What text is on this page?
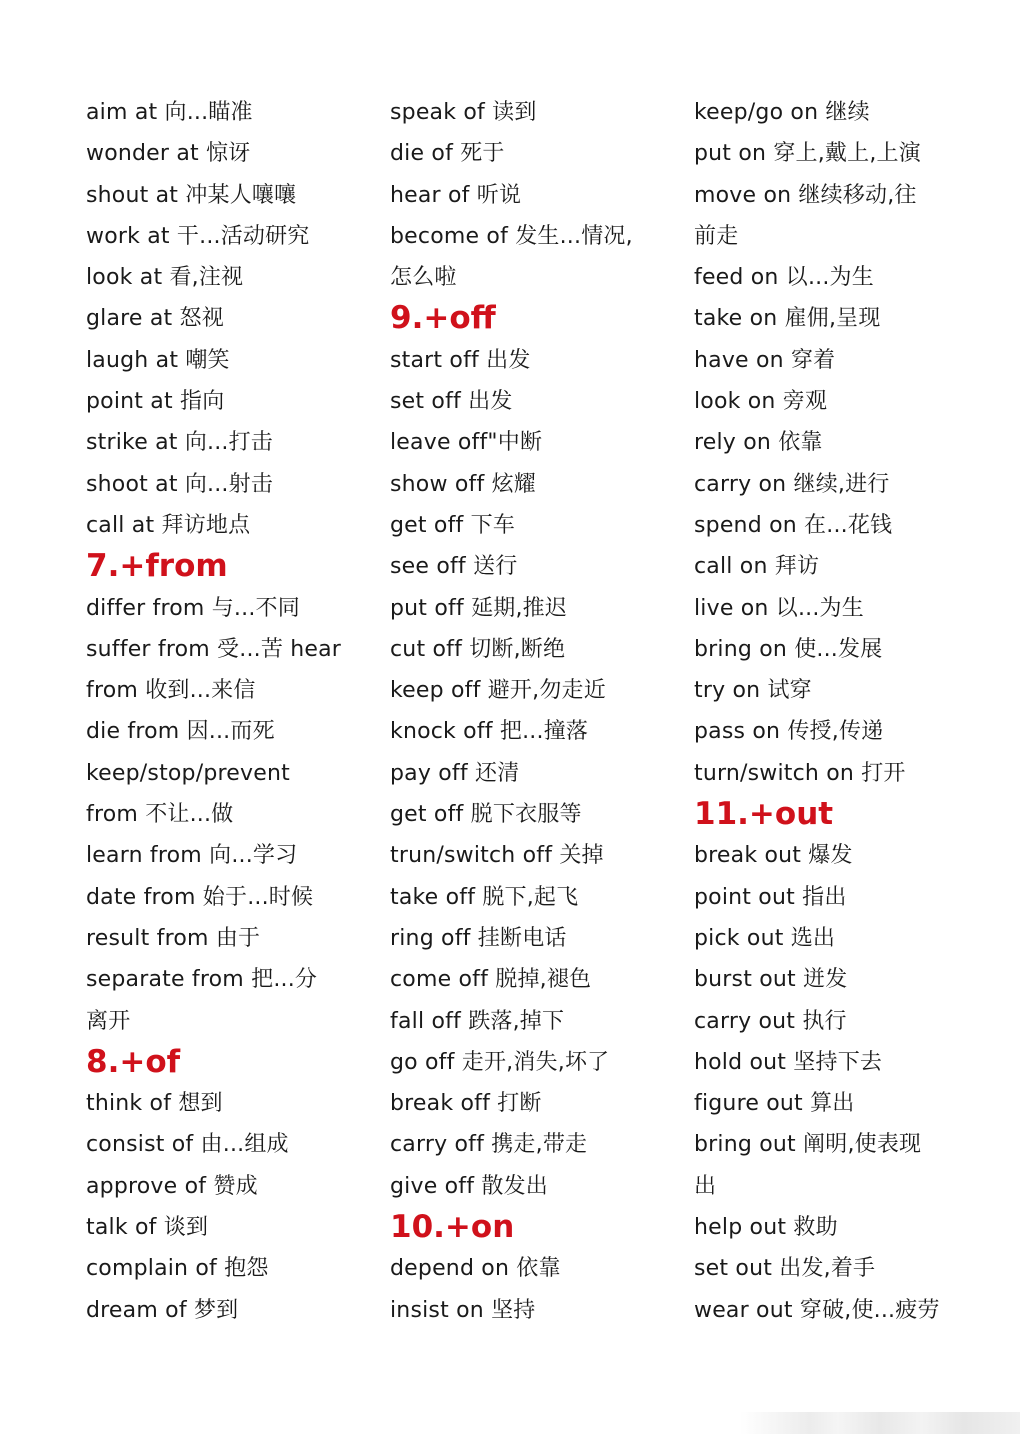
aim at 向...瞄准
wonder at 惊讶
shout at 冲某人嚷嚷
work at 干...活动研究
look at 看,注视
glare at 怒视
laugh at 嘲笑
point at 指向
strike at 向...打击
shoot at 向...射击
call at 拜访地点
7.+from
differ from 与...不同
suffer from 受...苦 hear
from 收到...来信
die from 因...而死
keep/stop/prevent
from 不让...做
learn from 向...学习
date from 始于...时候
result from 由于
separate from 把...分
离开
8.+of
think of 想到
consist of 由...组成
approve of 赞成
talk of 谈到
complain of 抱怨
dream of 梦到
speak of 读到
die of 死于
hear of 听说
become of 发生...情况,
怎么啦
9.+off
start off 出发
set off 出发
leave off"中断
show off 炫耀
get off 下车
see off 送行
put off 延期,推迟
cut off 切断,断绝
keep off 避开,勿走近
knock off 把...撞落
pay off 还清
get off 脱下衣服等
trun/switch off 关掉
take off 脱下,起飞
ring off 挂断电话
come off 脱掉,褪色
fall off 跌落,掉下
go off 走开,消失,坏了
break off 打断
carry off 携走,带走
give off 散发出
10.+on
depend on 依靠
insist on 坚持
keep/go on 继续
put on 穿上,戴上,上演
move on 继续移动,往
前走
feed on 以...为生
take on 雇佣,呈现
have on 穿着
look on 旁观
rely on 依靠
carry on 继续,进行
spend on 在...花钱
call on 拜访
live on 以...为生
bring on 使...发展
try on 试穿
pass on 传授,传递
turn/switch on 打开
11.+out
break out 爆发
point out 指出
pick out 选出
burst out 迸发
carry out 执行
hold out 坚持下去
figure out 算出
bring out 阐明,使表现
出
help out 救助
set out 出发,着手
wear out 穿破,使...疲劳
